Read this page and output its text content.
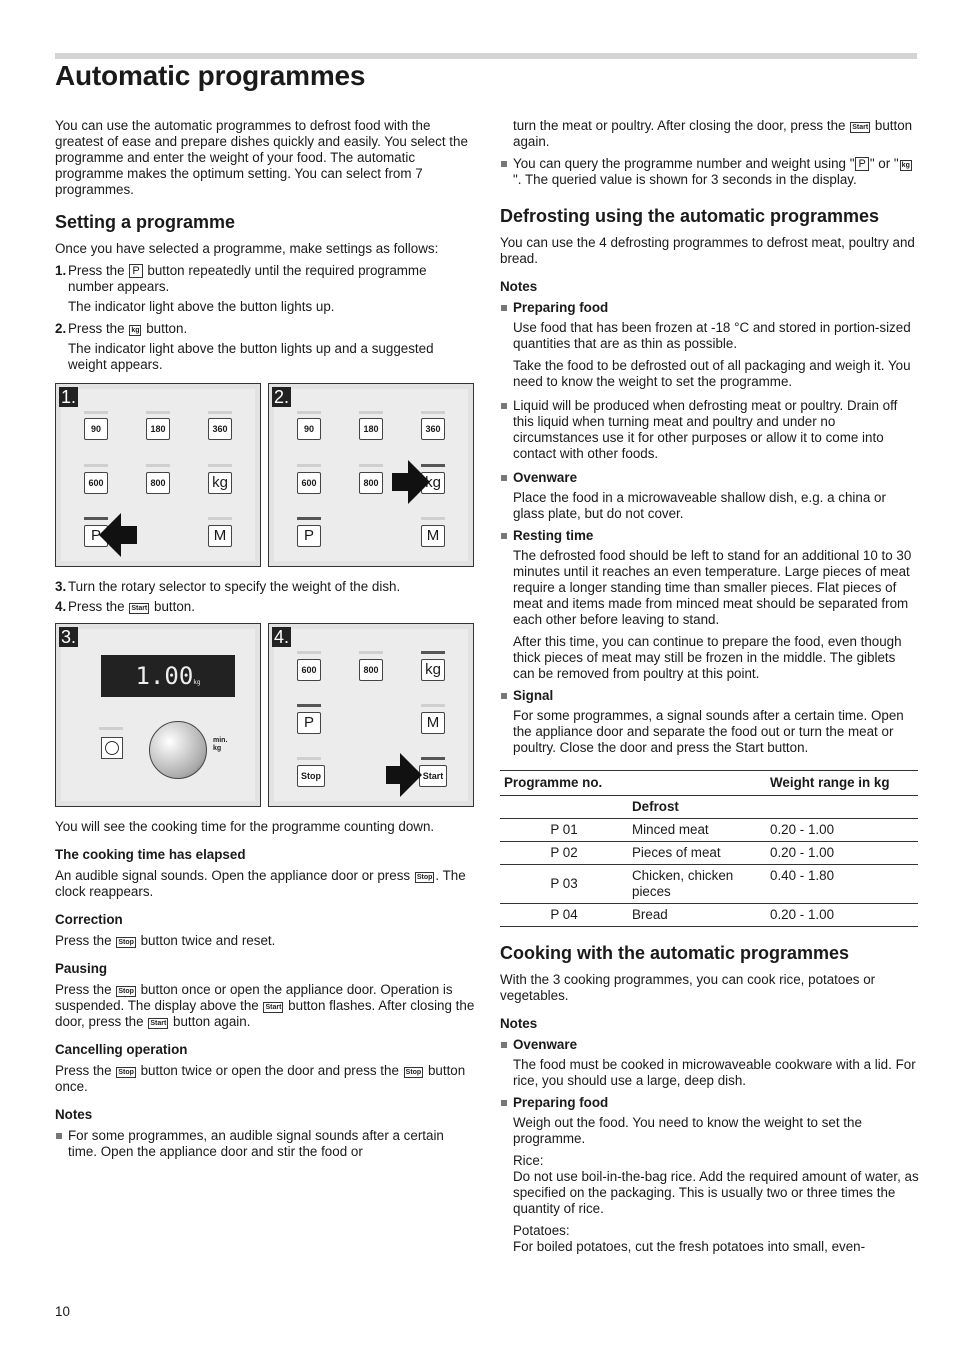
Automatic programmes

You can use the automatic programmes to defrost food with the greatest of ease and prepare dishes quickly and easily. You select the programme and enter the weight of your food. The automatic programme makes the optimum setting. You can select from 7 programmes.

Setting a programme

Once you have selected a programme, make settings as follows:

1. Press the P button repeatedly until the required programme number appears.

The indicator light above the button lights up.

2. Press the kg button.

The indicator light above the button lights up and a suggested weight appears.

90	180	360
600	800	kg
P	M
1.
90	180	360
600	800	kg
P	M
2.
3. Turn the rotary selector to specify the weight of the dish.
4. Press the Start button.
1.00kg
min.
kg
3.
600	800	kg
P	M
Stop	Start
4.

You will see the cooking time for the programme counting down.

The cooking time has elapsed

An audible signal sounds. Open the appliance door or press Stop . The clock reappears.

Correction

Press the Stop button twice and reset.

Pausing

Press the Stop button once or open the appliance door. Operation is suspended. The display above the Start button flashes. After closing the door, press the Start button again.

Cancelling operation

Press the Stop button twice or open the door and press the Stop button once.

Notes
For some programmes, an audible signal sounds after a certain time. Open the appliance door and stir the food or

turn the meat or poultry. After closing the door, press the Start button again.

You can query the programme number and weight using " P " or " kg". The queried value is shown for 3 seconds in the display.
Defrosting using the automatic programmes

You can use the 4 defrosting programmes to defrost meat, poultry and bread.

Notes
Preparing food

Use food that has been frozen at -18 °C and stored in portion-sized quantities that are as thin as possible.

Take the food to be defrosted out of all packaging and weigh it. You need to know the weight to set the programme.

Liquid will be produced when defrosting meat or poultry. Drain off this liquid when turning meat and poultry and under no circumstances use it for other purposes or allow it to come into contact with other foods.
Ovenware

Place the food in a microwaveable shallow dish, e.g. a china or glass plate, but do not cover.

Resting time

The defrosted food should be left to stand for an additional 10 to 30 minutes until it reaches an even temperature. Large pieces of meat require a longer standing time than smaller pieces. Flat pieces of meat and items made from minced meat should be separated from each other before leaving to stand.

After this time, you can continue to prepare the food, even though thick pieces of meat may still be frozen in the middle. The giblets can be removed from poultry at this point.

Signal

For some programmes, a signal sounds after a certain time. Open the appliance door and separate the food out or turn the meat or poultry. Close the door and press the Start button.

Programme no.		Weight range in kg
	Defrost	
P 01	Minced meat	0.20 - 1.00
P 02	Pieces of meat	0.20 - 1.00
P 03	Chicken, chicken pieces	0.40 - 1.80
P 04	Bread	0.20 - 1.00
Cooking with the automatic programmes

With the 3 cooking programmes, you can cook rice, potatoes or vegetables.

Notes
Ovenware

The food must be cooked in microwaveable cookware with a lid. For rice, you should use a large, deep dish.

Preparing food

Weigh out the food. You need to know the weight to set the programme.

Rice:

Do not use boil-in-the-bag rice. Add the required amount of water, as specified on the packaging. This is usually two or three times the quantity of rice.

Potatoes:

For boiled potatoes, cut the fresh potatoes into small, even-

10
